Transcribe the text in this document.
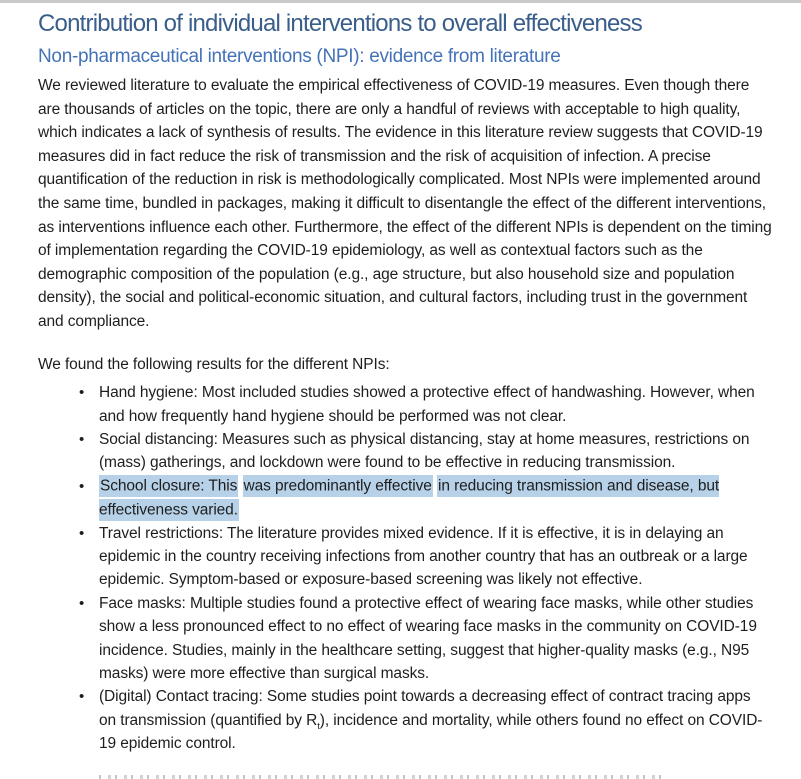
Contribution of individual interventions to overall effectiveness
Non-pharmaceutical interventions (NPI): evidence from literature

We reviewed literature to evaluate the empirical effectiveness of COVID-19 measures. Even though there are thousands of articles on the topic, there are only a handful of reviews with acceptable to high quality, which indicates a lack of synthesis of results. The evidence in this literature review suggests that COVID-19 measures did in fact reduce the risk of transmission and the risk of acquisition of infection. A precise quantification of the reduction in risk is methodologically complicated. Most NPIs were implemented around the same time, bundled in packages, making it difficult to disentangle the effect of the different interventions, as interventions influence each other. Furthermore, the effect of the different NPIs is dependent on the timing of implementation regarding the COVID-19 epidemiology, as well as contextual factors such as the demographic composition of the population (e.g., age structure, but also household size and population density), the social and political-economic situation, and cultural factors, including trust in the government and compliance.

We found the following results for the different NPIs:

• Hand hygiene: Most included studies showed a protective effect of handwashing. However, when and how frequently hand hygiene should be performed was not clear.
• Social distancing: Measures such as physical distancing, stay at home measures, restrictions on (mass) gatherings, and lockdown were found to be effective in reducing transmission.
• School closure: This was predominantly effective in reducing transmission and disease, but effectiveness varied.
• Travel restrictions: The literature provides mixed evidence. If it is effective, it is in delaying an epidemic in the country receiving infections from another country that has an outbreak or a large epidemic. Symptom-based or exposure-based screening was likely not effective.
• Face masks: Multiple studies found a protective effect of wearing face masks, while other studies show a less pronounced effect to no effect of wearing face masks in the community on COVID-19 incidence. Studies, mainly in the healthcare setting, suggest that higher-quality masks (e.g., N95 masks) were more effective than surgical masks.
• (Digital) Contact tracing: Some studies point towards a decreasing effect of contract tracing apps on transmission (quantified by $R_t$), incidence and mortality, while others found no effect on COVID-19 epidemic control.
